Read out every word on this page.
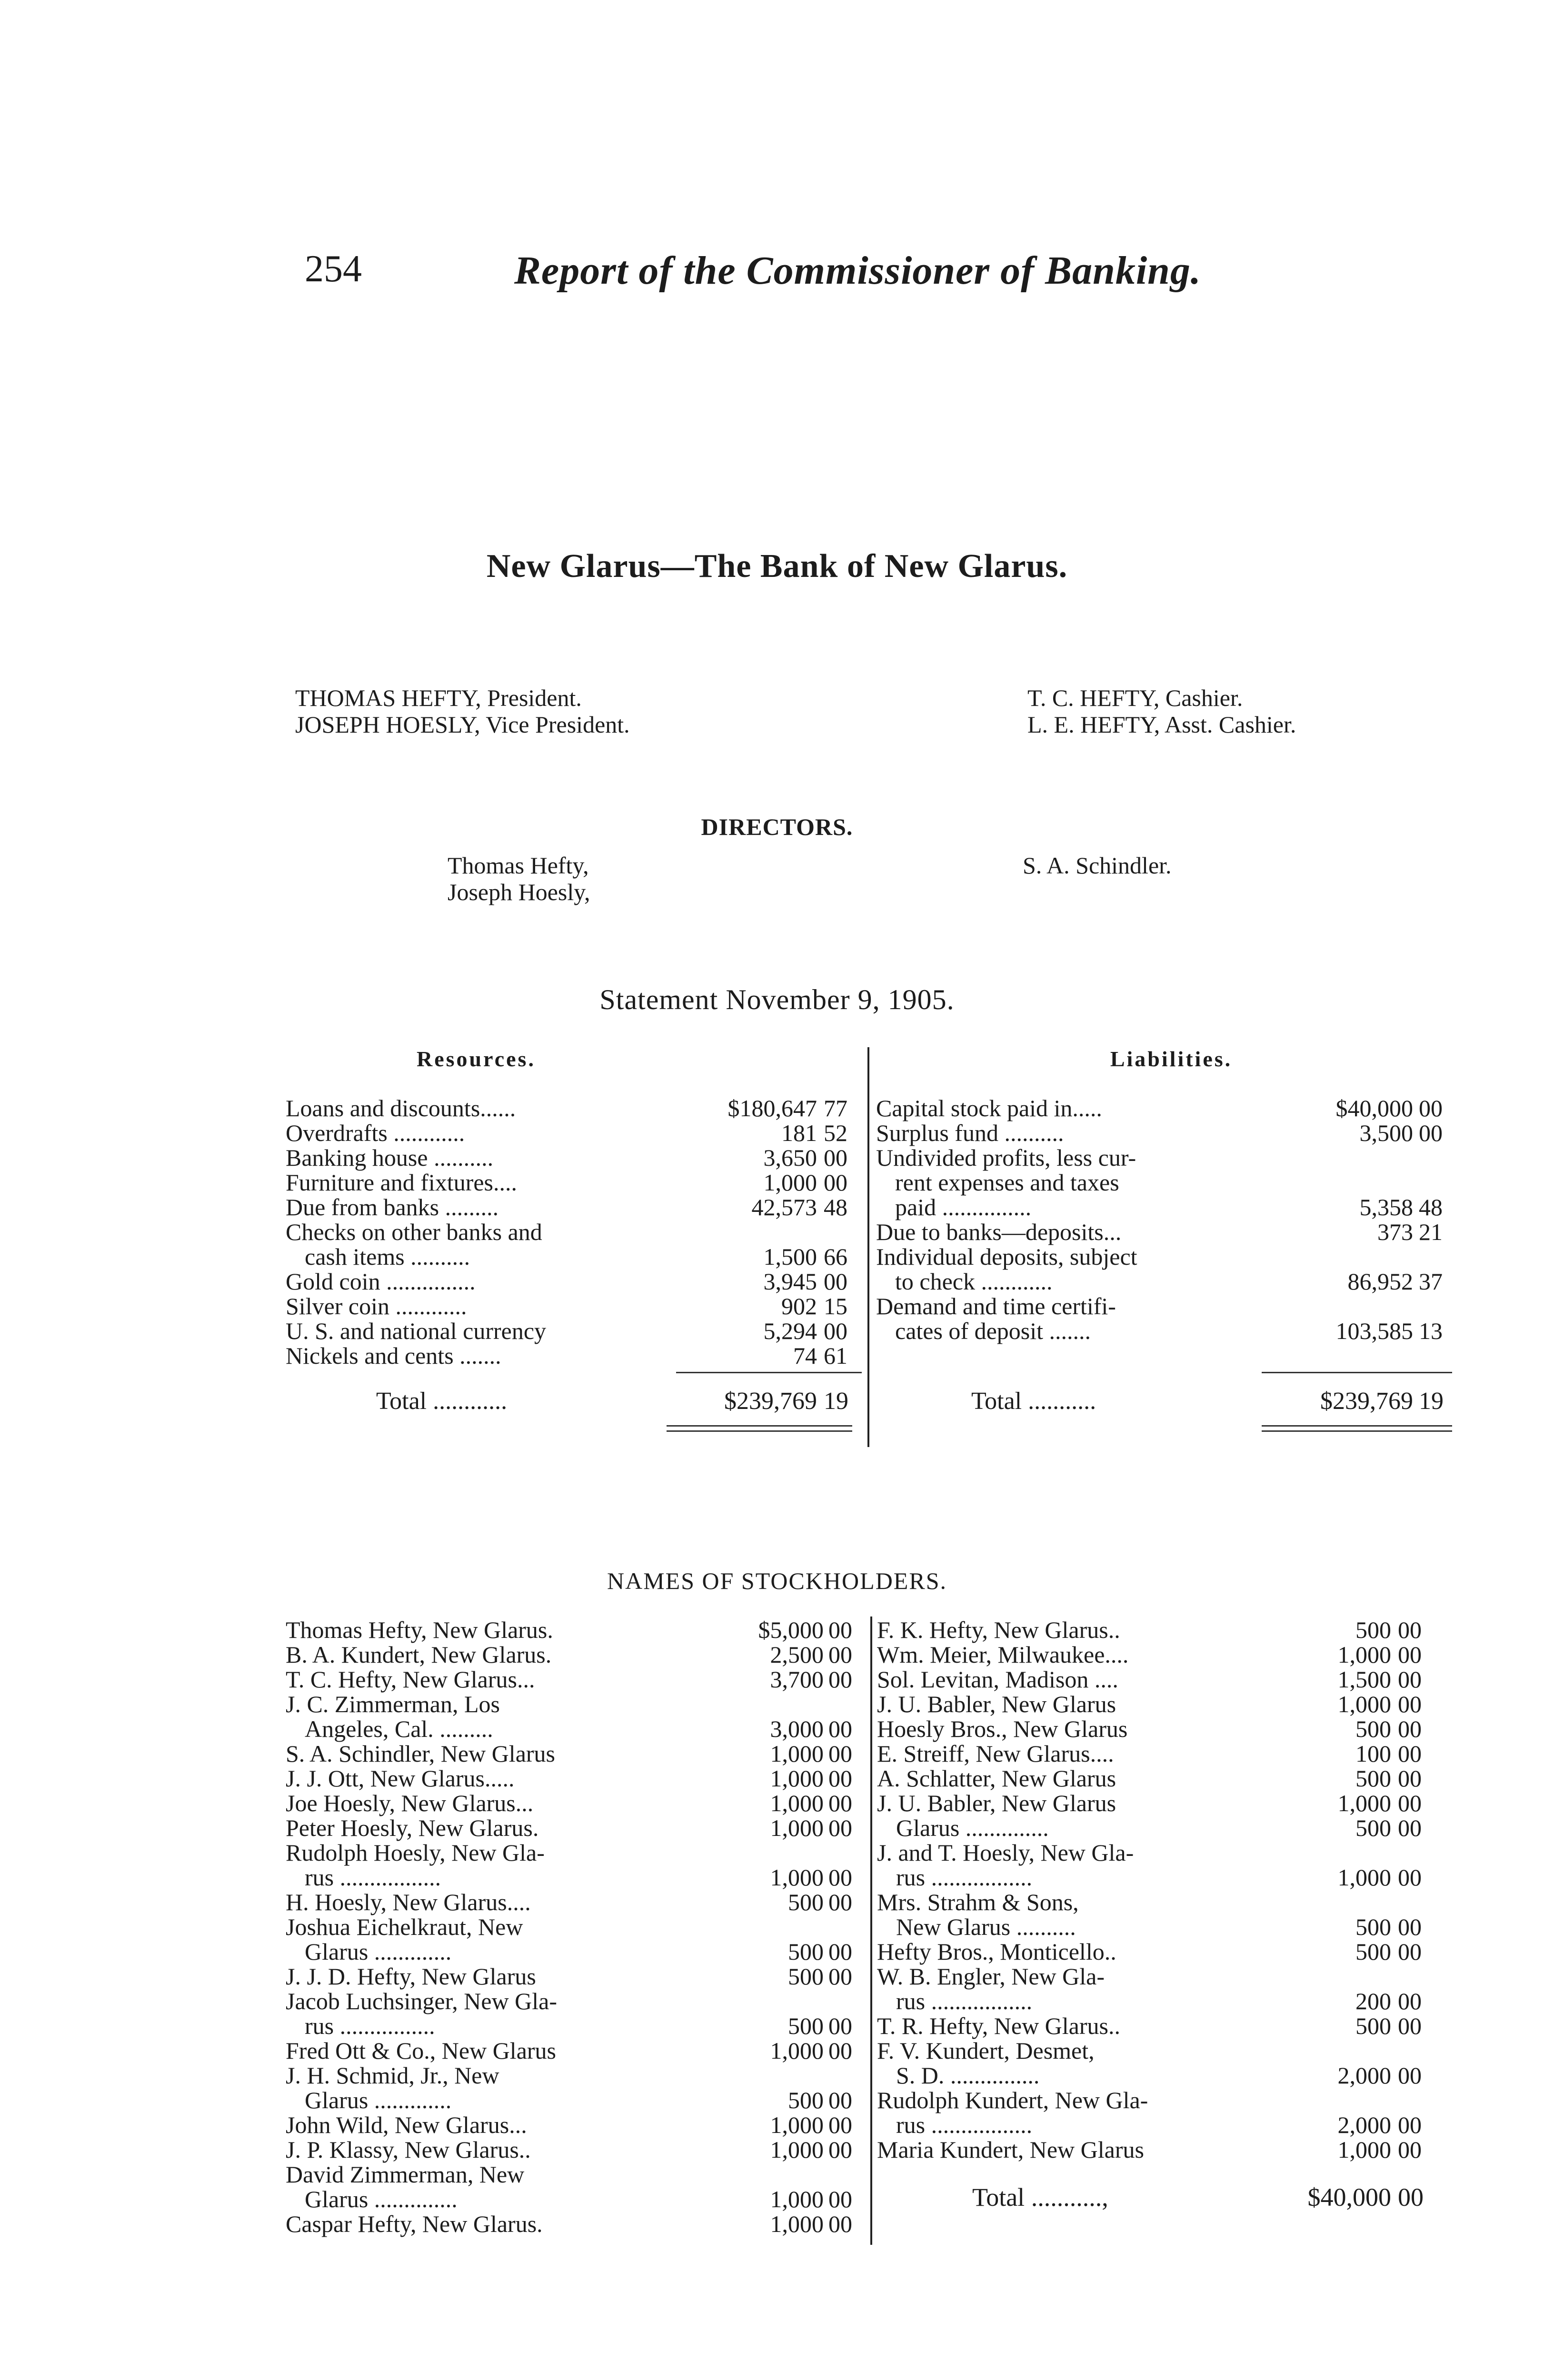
254	Report of the Commissioner of Banking.
New Glarus—The Bank of New Glarus.
THOMAS HEFTY, President.
JOSEPH HOESLY, Vice President.
T. C. HEFTY, Cashier.
L. E. HEFTY, Asst. Cashier.
DIRECTORS.
Thomas Hefty,
Joseph Hoesly,
S. A. Schindler.
Statement November 9, 1905.
Resources.	Liabilities.
Loans and discounts......	$180,647 77
Overdrafts ............	181 52
Banking house ..........	3,650 00
Furniture and fixtures....	1,000 00
Due from banks .........	42,573 48
Checks on other banks and
cash items ..........	1,500 66
Gold coin ...............	3,945 00
Silver coin ............	902 15
U. S. and national currency	5,294 00
Nickels and cents .......	74 61
Total ............	$239,769 19
Capital stock paid in.....	$40,000 00
Surplus fund ..........	3,500 00
Undivided profits, less cur-
rent expenses and taxes
paid ...............	5,358 48
Due to banks—deposits...	373 21
Individual deposits, subject
to check ............	86,952 37
Demand and time certifi-
cates of deposit .......	103,585 13
Total ...........	$239,769 19
NAMES OF STOCKHOLDERS.
Thomas Hefty, New Glarus.	$5,000 00
B. A. Kundert, New Glarus.	2,500 00
T. C. Hefty, New Glarus...	3,700 00
J. C. Zimmerman, Los
Angeles, Cal. .........	3,000 00
S. A. Schindler, New Glarus	1,000 00
J. J. Ott, New Glarus.....	1,000 00
Joe Hoesly, New Glarus...	1,000 00
Peter Hoesly, New Glarus.	1,000 00
Rudolph Hoesly, New Gla-
rus .................	1,000 00
H. Hoesly, New Glarus....	500 00
Joshua Eichelkraut, New
Glarus .............	500 00
J. J. D. Hefty, New Glarus	500 00
Jacob Luchsinger, New Gla-
rus ................	500 00
Fred Ott & Co., New Glarus	1,000 00
J. H. Schmid, Jr., New
Glarus .............	500 00
John Wild, New Glarus...	1,000 00
J. P. Klassy, New Glarus..	1,000 00
David Zimmerman, New
Glarus ..............	1,000 00
Caspar Hefty, New Glarus.	1,000 00
F. K. Hefty, New Glarus..	500 00
Wm. Meier, Milwaukee....	1,000 00
Sol. Levitan, Madison ....	1,500 00
J. U. Babler, New Glarus	1,000 00
Hoesly Bros., New Glarus	500 00
E. Streiff, New Glarus....	100 00
A. Schlatter, New Glarus	500 00
J. U. Babler, New Glarus	1,000 00
Glarus ..............	500 00
J. and T. Hoesly, New Gla-
rus .................	1,000 00
Mrs. Strahm & Sons,
New Glarus ..........	500 00
Hefty Bros., Monticello..	500 00
W. B. Engler, New Gla-
rus .................	200 00
T. R. Hefty, New Glarus..	500 00
F. V. Kundert, Desmet,
S. D. ...............	2,000 00
Rudolph Kundert, New Gla-
rus .................	2,000 00
Maria Kundert, New Glarus	1,000 00
Total ...........,	$40,000 00
